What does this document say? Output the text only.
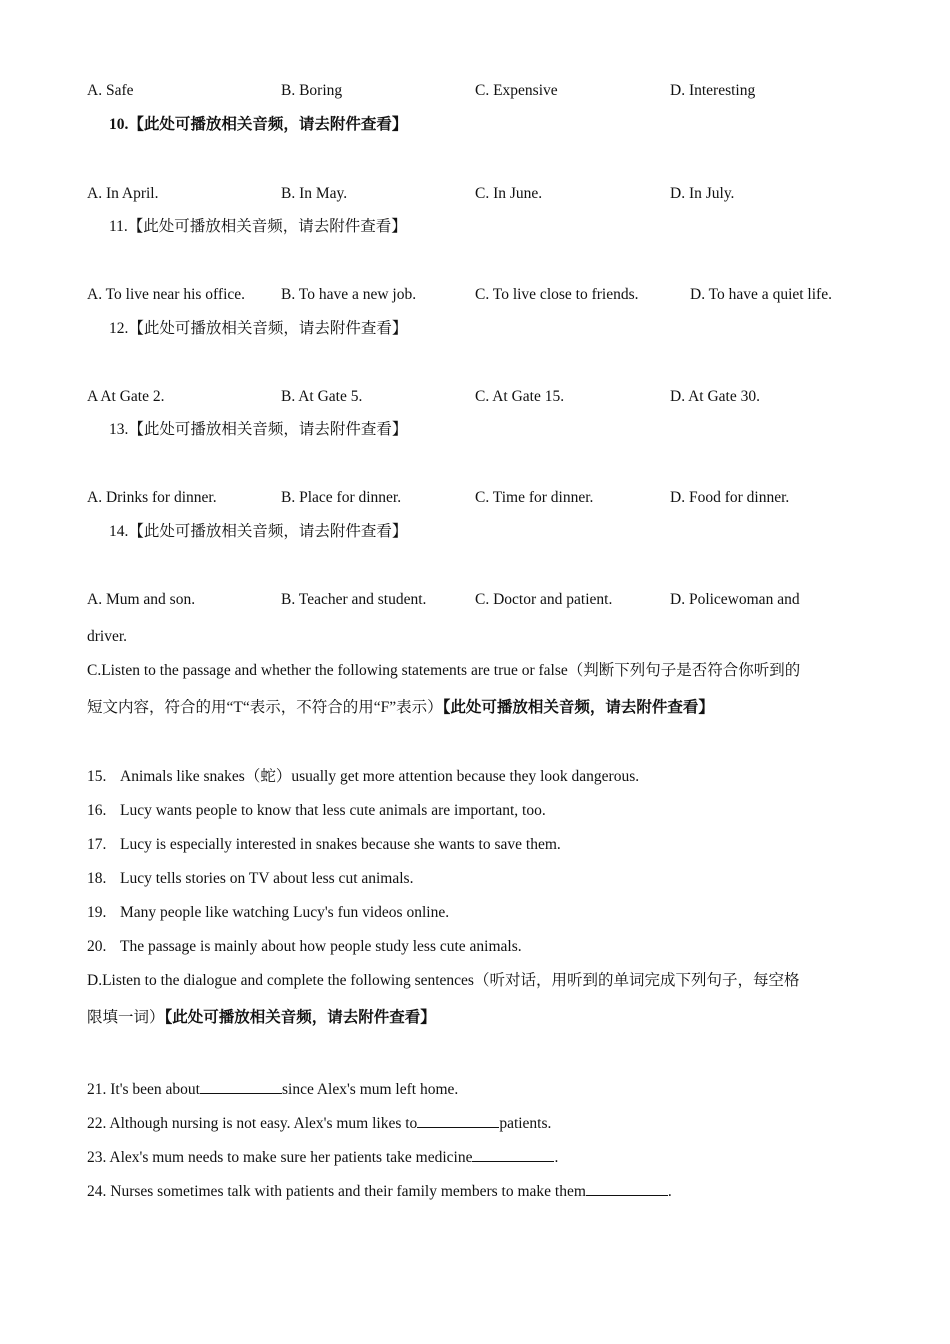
A. Safe	B. Boring	C. Expensive	D. Interesting
10.【此处可播放相关音频，请去附件查看】
A. In April.	B. In May.	C. In June.	D. In July.
11.【此处可播放相关音频，请去附件查看】
A. To live near his office. B. To have a new job.	C. To live close to friends.	D. To have a quiet life.
12.【此处可播放相关音频，请去附件查看】
A At Gate 2.	B. At Gate 5.	C. At Gate 15.	D. At Gate 30.
13.【此处可播放相关音频，请去附件查看】
A. Drinks for dinner.	B. Place for dinner.	C. Time for dinner.	D. Food for dinner.
14.【此处可播放相关音频，请去附件查看】
A. Mum and son.	B. Teacher and student.	C. Doctor and patient.	D. Policewoman and
driver.
C.Listen to the passage and whether the following statements are true or false（判断下列句子是否符合你听到的
短文内容，符合的用“T“表示，不符合的用“F”表示）【此处可播放相关音频，请去附件查看】
15. Animals like snakes（蛇）usually get more attention because they look dangerous.
16. Lucy wants people to know that less cute animals are important, too.
17. Lucy is especially interested in snakes because she wants to save them.
18. Lucy tells stories on TV about less cut animals.
19. Many people like watching Lucy's fun videos online.
20. The passage is mainly about how people study less cute animals.
D.Listen to the dialogue and complete the following sentences（听对话，用听到的单词完成下列句子，每空格
限填一词）【此处可播放相关音频，请去附件查看】
21. It's been about	since Alex's mum left home.
22. Although nursing is not easy. Alex's mum likes to	patients.
23. Alex's mum needs to make sure her patients take medicine	.
24. Nurses sometimes talk with patients and their family members to make them	.
